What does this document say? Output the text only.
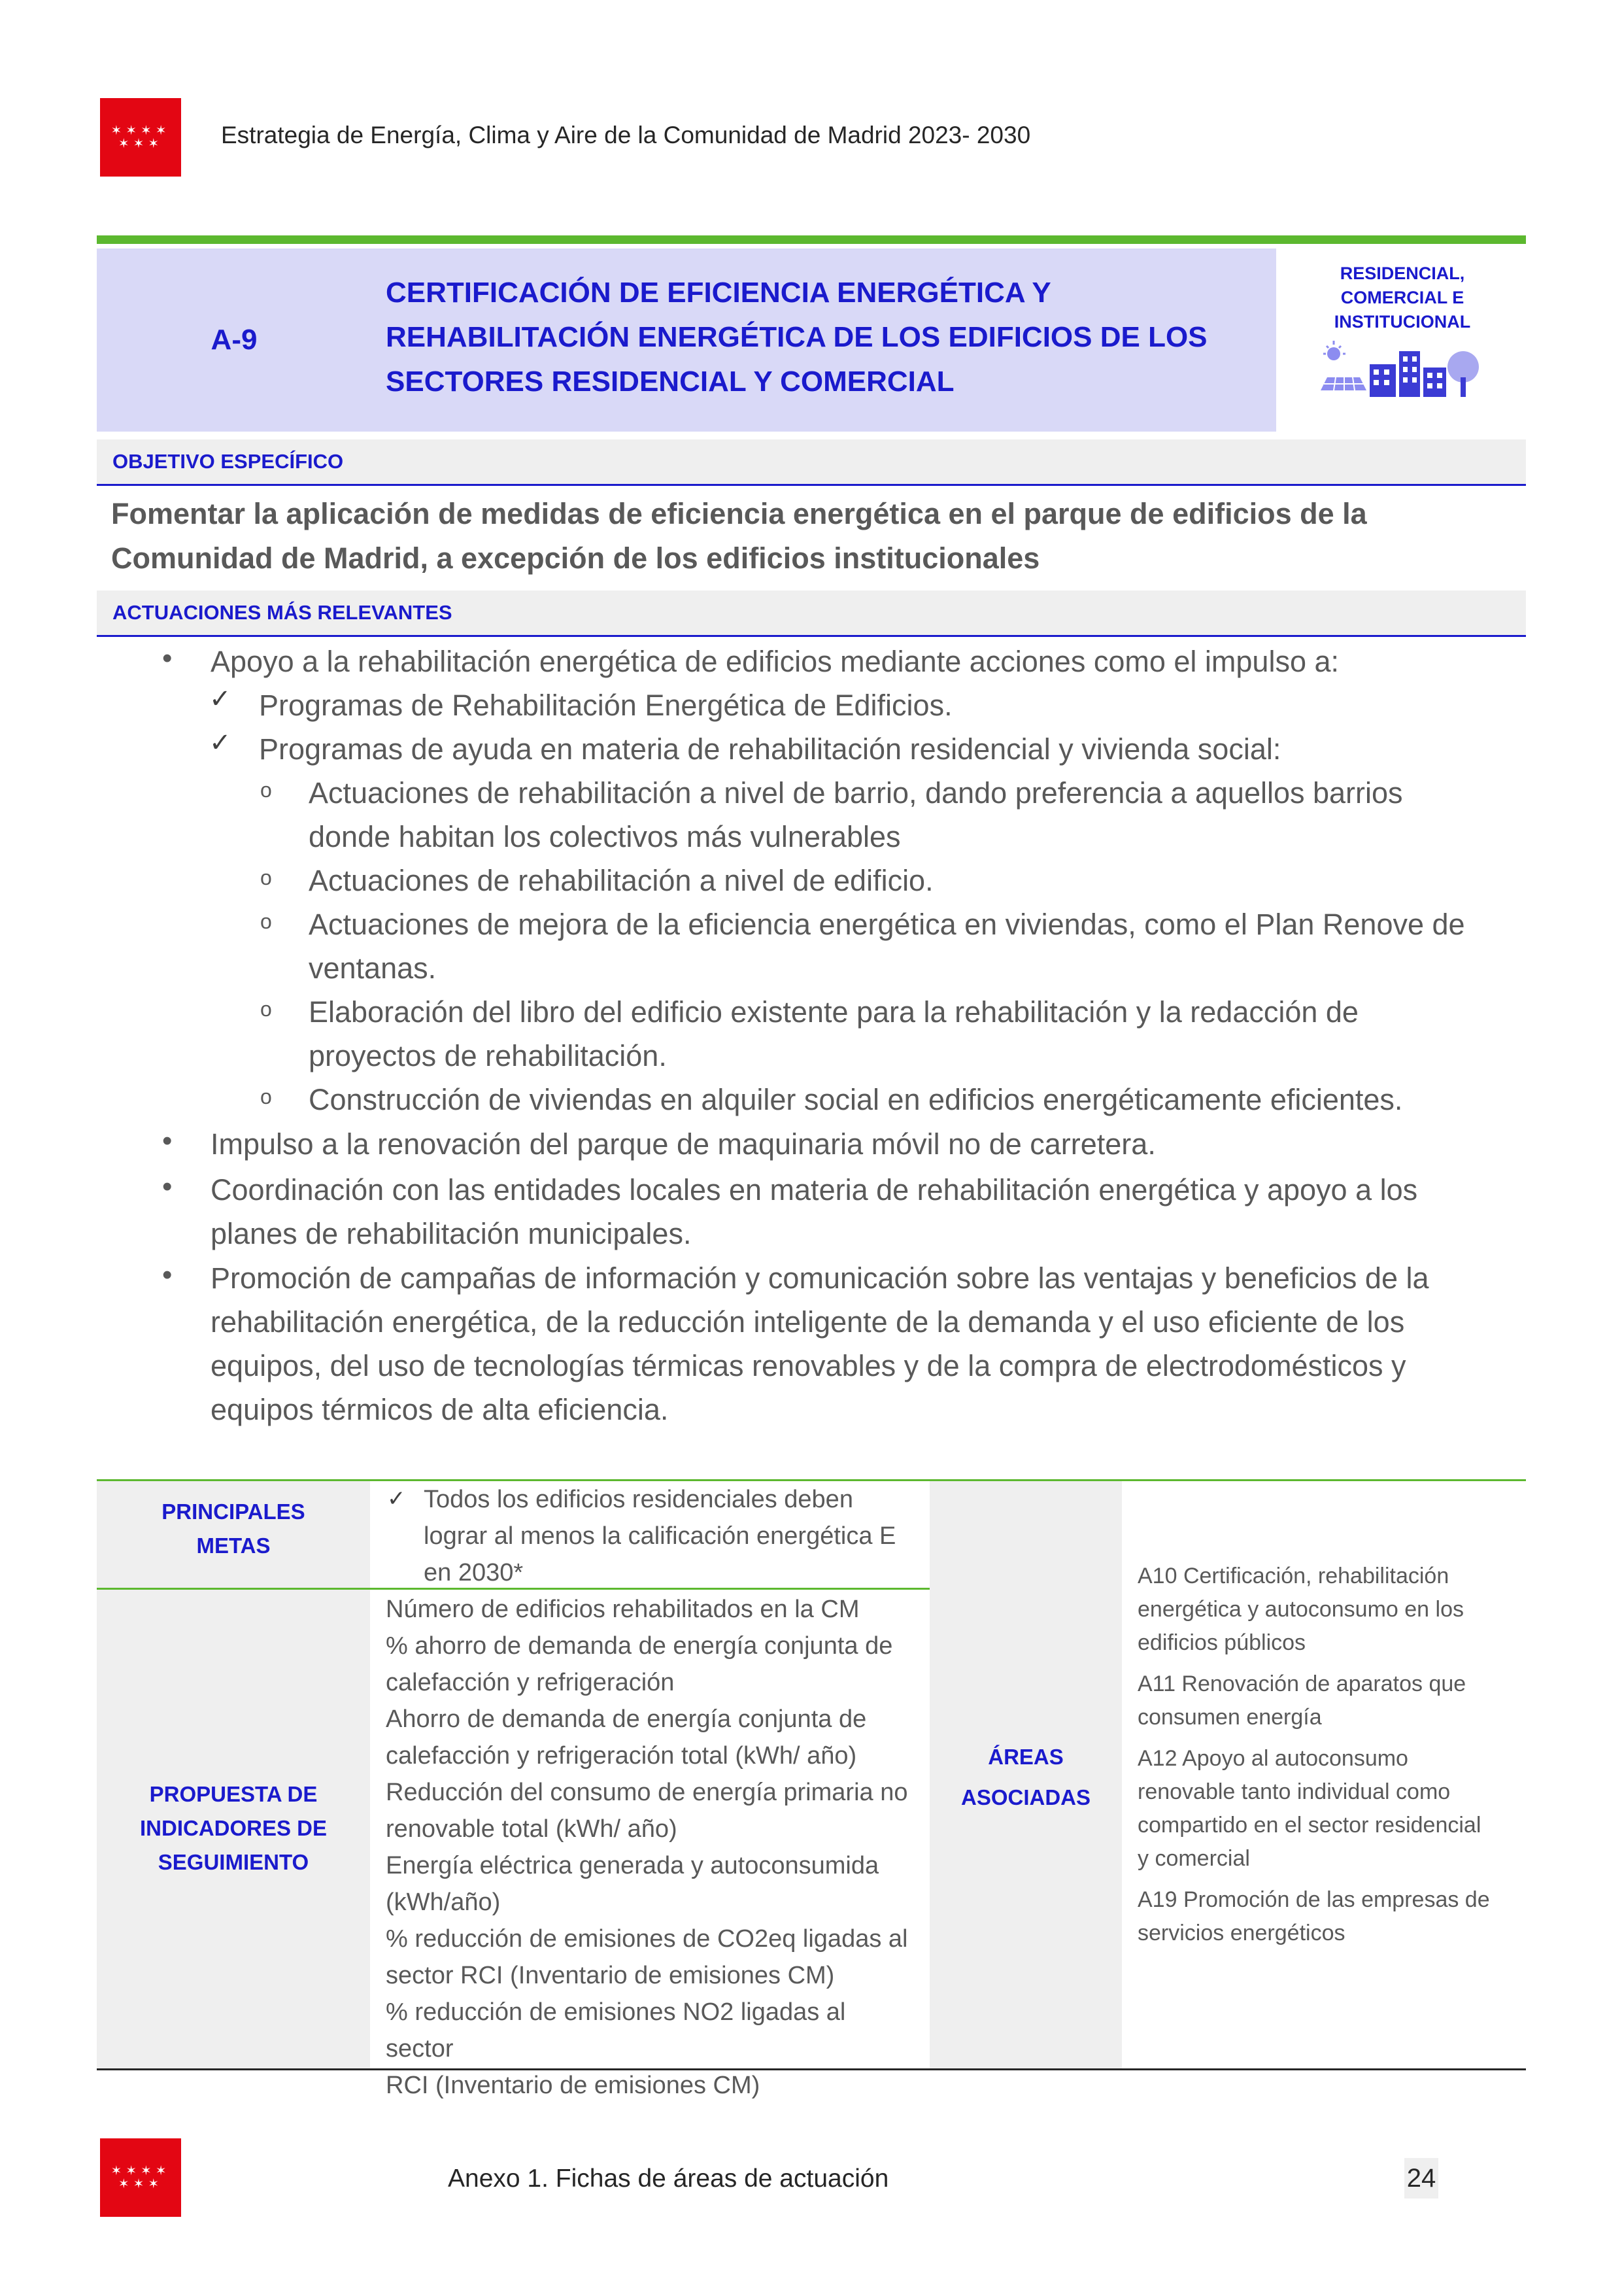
✶✶✶✶
✶✶✶ Estrategia de Energía, Clima y Aire de la Comunidad de Madrid 2023- 2030
A-9

CERTIFICACIÓN DE EFICIENCIA ENERGÉTICA Y REHABILITACIÓN ENERGÉTICA DE LOS EDIFICIOS DE LOS SECTORES RESIDENCIAL Y COMERCIAL

RESIDENCIAL,
COMERCIAL E
INSTITUCIONAL
OBJETIVO ESPECÍFICO

Fomentar la aplicación de medidas de eficiencia energética en el parque de edificios de la Comunidad de Madrid, a excepción de los edificios institucionales

ACTUACIONES MÁS RELEVANTES
• Apoyo a la rehabilitación energética de edificios mediante acciones como el impulso a:
✓ Programas de Rehabilitación Energética de Edificios.
✓ Programas de ayuda en materia de rehabilitación residencial y vivienda social:
o Actuaciones de rehabilitación a nivel de barrio, dando preferencia a aquellos barrios
donde habitan los colectivos más vulnerables
o Actuaciones de rehabilitación a nivel de edificio.
o Actuaciones de mejora de la eficiencia energética en viviendas, como el Plan Renove de
ventanas.
o Elaboración del libro del edificio existente para la rehabilitación y la redacción de
proyectos de rehabilitación.
o Construcción de viviendas en alquiler social en edificios energéticamente eficientes.
• Impulso a la renovación del parque de maquinaria móvil no de carretera.
• Coordinación con las entidades locales en materia de rehabilitación energética y apoyo a los
planes de rehabilitación municipales.
• Promoción de campañas de información y comunicación sobre las ventajas y beneficios de la
rehabilitación energética, de la reducción inteligente de la demanda y el uso eficiente de los
equipos, del uso de tecnologías térmicas renovables y de la compra de electrodomésticos y
equipos térmicos de alta eficiencia.
PRINCIPALES
METAS
✓ Todos los edificios residenciales deben
lograr al menos la calificación energética E
en 2030*
PROPUESTA DE
INDICADORES DE
SEGUIMIENTO
Número de edificios rehabilitados en la CM
% ahorro de demanda de energía conjunta de
calefacción y refrigeración
Ahorro de demanda de energía conjunta de
calefacción y refrigeración total (kWh/ año)
Reducción del consumo de energía primaria no
renovable total (kWh/ año)
Energía eléctrica generada y autoconsumida
(kWh/año)
% reducción de emisiones de CO2eq ligadas al
sector RCI (Inventario de emisiones CM)
% reducción de emisiones NO2 ligadas al sector
RCI (Inventario de emisiones CM)
ÁREAS
ASOCIADAS
A10 Certificación, rehabilitación
energética y autoconsumo en los
edificios públicos
A11 Renovación de aparatos que
consumen energía
A12 Apoyo al autoconsumo
renovable tanto individual como
compartido en el sector residencial
y comercial
A19 Promoción de las empresas de
servicios energéticos
✶✶✶✶
✶✶✶	Anexo 1. Fichas de áreas de actuación	24
